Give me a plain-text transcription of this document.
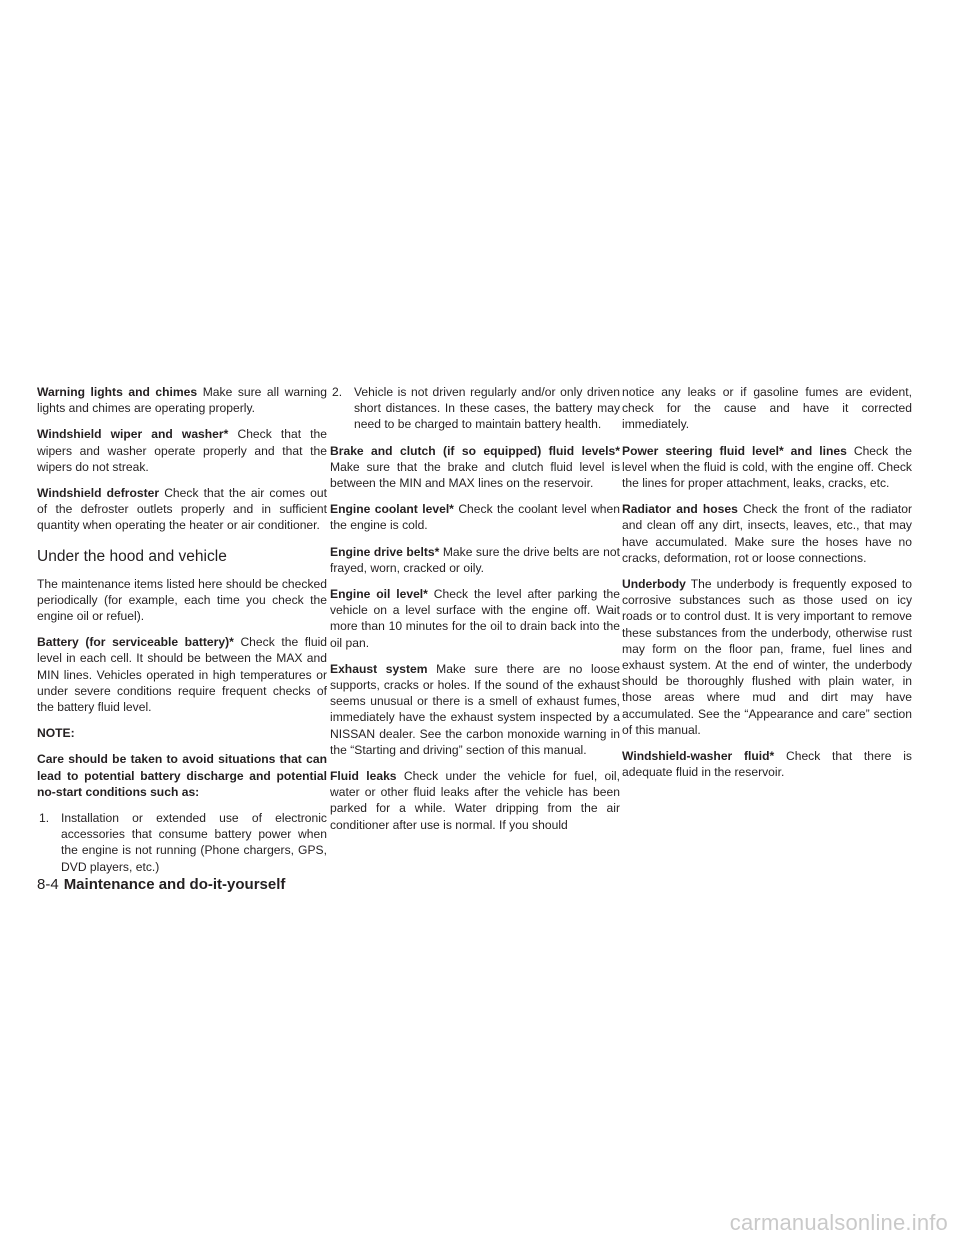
Warning lights and chimes Make sure all warning lights and chimes are operating properly.

Windshield wiper and washer* Check that the wipers and washer operate properly and that the wipers do not streak.

Windshield defroster Check that the air comes out of the defroster outlets properly and in sufficient quantity when operating the heater or air conditioner.

Under the hood and vehicle

The maintenance items listed here should be checked periodically (for example, each time you check the engine oil or refuel).

Battery (for serviceable battery)* Check the fluid level in each cell. It should be between the MAX and MIN lines. Vehicles operated in high temperatures or under severe conditions require frequent checks of the battery fluid level.

NOTE:

Care should be taken to avoid situations that can lead to potential battery discharge and potential no-start conditions such as:

1. Installation or extended use of electronic accessories that consume battery power when the engine is not running (Phone chargers, GPS, DVD players, etc.)
2. Vehicle is not driven regularly and/or only driven short distances. In these cases, the battery may need to be charged to maintain battery health.

Brake and clutch (if so equipped) fluid levels* Make sure that the brake and clutch fluid level is between the MIN and MAX lines on the reservoir.

Engine coolant level* Check the coolant level when the engine is cold.

Engine drive belts* Make sure the drive belts are not frayed, worn, cracked or oily.

Engine oil level* Check the level after parking the vehicle on a level surface with the engine off. Wait more than 10 minutes for the oil to drain back into the oil pan.

Exhaust system Make sure there are no loose supports, cracks or holes. If the sound of the exhaust seems unusual or there is a smell of exhaust fumes, immediately have the exhaust system inspected by a NISSAN dealer. See the carbon monoxide warning in the “Starting and driving” section of this manual.

Fluid leaks Check under the vehicle for fuel, oil, water or other fluid leaks after the vehicle has been parked for a while. Water dripping from the air conditioner after use is normal. If you should

notice any leaks or if gasoline fumes are evident, check for the cause and have it corrected immediately.

Power steering fluid level* and lines Check the level when the fluid is cold, with the engine off. Check the lines for proper attachment, leaks, cracks, etc.

Radiator and hoses Check the front of the radiator and clean off any dirt, insects, leaves, etc., that may have accumulated. Make sure the hoses have no cracks, deformation, rot or loose connections.

Underbody The underbody is frequently exposed to corrosive substances such as those used on icy roads or to control dust. It is very important to remove these substances from the underbody, otherwise rust may form on the floor pan, frame, fuel lines and exhaust system. At the end of winter, the underbody should be thoroughly flushed with plain water, in those areas where mud and dirt may have accumulated. See the “Appearance and care” section of this manual.

Windshield-washer fluid* Check that there is adequate fluid in the reservoir.

8-4 Maintenance and do-it-yourself
carmanualsonline.info
